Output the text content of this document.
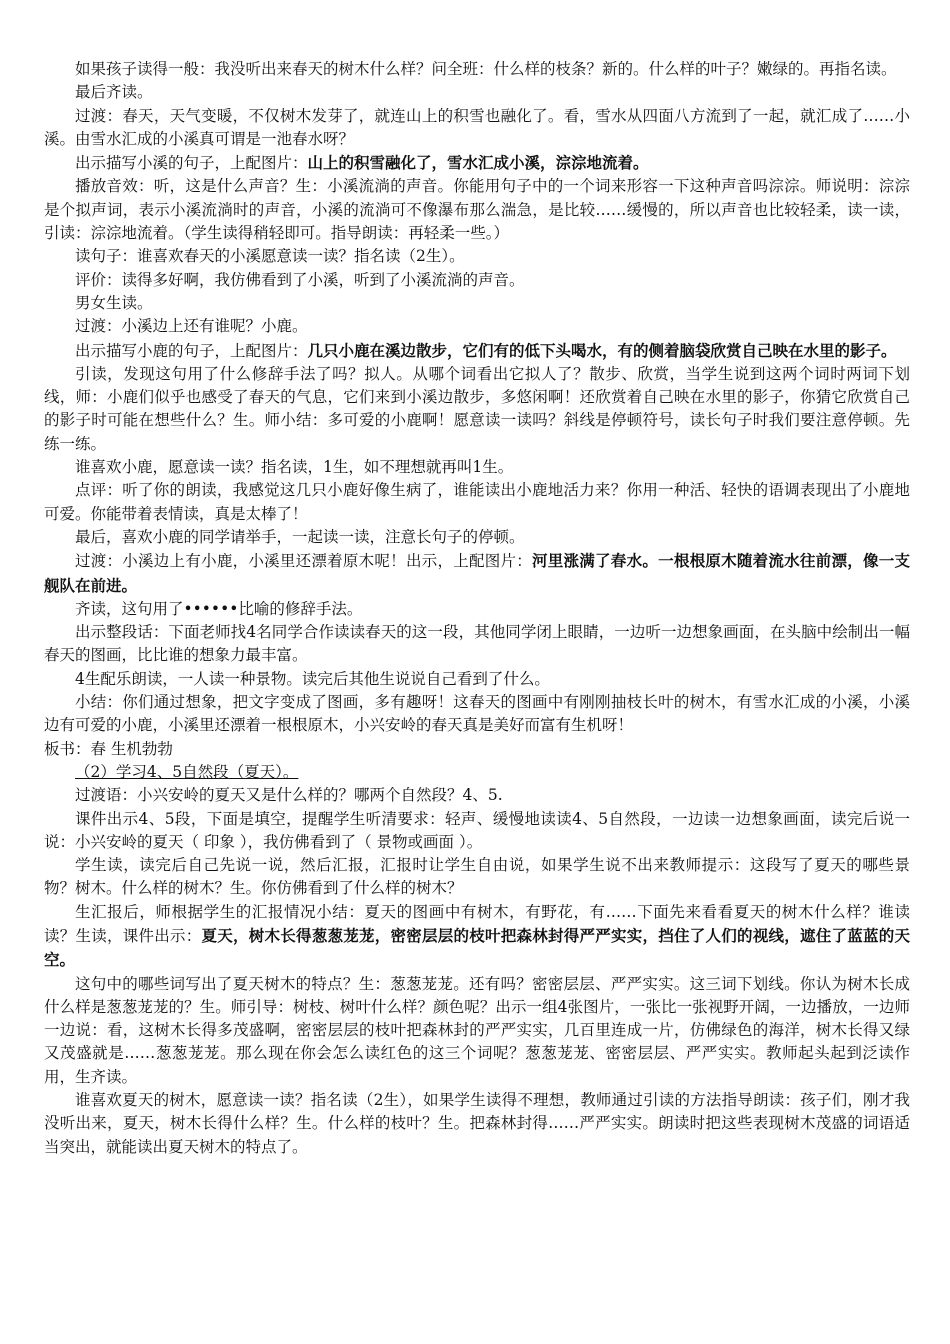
如果孩子读得一般：我没听出来春天的树木什么样？问全班：什么样的枝条？新的。什么样的叶子？嫩绿的。再指名读。

最后齐读。

过渡：春天，天气变暖，不仅树木发芽了，就连山上的积雪也融化了。看，雪水从四面八方流到了一起，就汇成了……小溪。由雪水汇成的小溪真可谓是一池春水呀？

出示描写小溪的句子，上配图片：山上的积雪融化了，雪水汇成小溪，淙淙地流着。

播放音效：听，这是什么声音？生：小溪流淌的声音。你能用句子中的一个词来形容一下这种声音吗淙淙。师说明：淙淙是个拟声词，表示小溪流淌时的声音，小溪的流淌可不像瀑布那么湍急，是比较……缓慢的，所以声音也比较轻柔，读一读，引读：淙淙地流着。（学生读得稍轻即可。指导朗读：再轻柔一些。）

读句子：谁喜欢春天的小溪愿意读一读？指名读（2生）。

评价：读得多好啊，我仿佛看到了小溪，听到了小溪流淌的声音。

男女生读。

过渡：小溪边上还有谁呢？小鹿。

出示描写小鹿的句子，上配图片：几只小鹿在溪边散步，它们有的低下头喝水，有的侧着脑袋欣赏自己映在水里的影子。

引读，发现这句用了什么修辞手法了吗？拟人。从哪个词看出它拟人了？散步、欣赏，当学生说到这两个词时两词下划线，师：小鹿们似乎也感受了春天的气息，它们来到小溪边散步，多悠闲啊！还欣赏着自己映在水里的影子，你猜它欣赏自己的影子时可能在想些什么？生。师小结：多可爱的小鹿啊！愿意读一读吗？斜线是停顿符号，读长句子时我们要注意停顿。先练一练。

谁喜欢小鹿，愿意读一读？指名读，1生，如不理想就再叫1生。

点评：听了你的朗读，我感觉这几只小鹿好像生病了，谁能读出小鹿地活力来？你用一种活、轻快的语调表现出了小鹿地可爱。你能带着表情读，真是太棒了！

最后，喜欢小鹿的同学请举手，一起读一读，注意长句子的停顿。

过渡：小溪边上有小鹿，小溪里还漂着原木呢！出示，上配图片：河里涨满了春水。一根根原木随着流水往前漂，像一支舰队在前进。

齐读，这句用了••••••比喻的修辞手法。

出示整段话：下面老师找4名同学合作读读春天的这一段，其他同学闭上眼睛，一边听一边想象画面，在头脑中绘制出一幅春天的图画，比比谁的想象力最丰富。

4生配乐朗读，一人读一种景物。读完后其他生说说自己看到了什么。

小结：你们通过想象，把文字变成了图画，多有趣呀！这春天的图画中有刚刚抽枝长叶的树木，有雪水汇成的小溪，小溪边有可爱的小鹿，小溪里还漂着一根根原木，小兴安岭的春天真是美好而富有生机呀！

板书：春 生机勃勃

（2）学习4、5自然段（夏天）。

过渡语：小兴安岭的夏天又是什么样的？哪两个自然段？4、5.

课件出示4、5段，下面是填空，提醒学生听清要求：轻声、缓慢地读读4、5自然段，一边读一边想象画面，读完后说一说：小兴安岭的夏天（ 印象 ），我仿佛看到了（ 景物或画面 ）。

学生读，读完后自己先说一说，然后汇报，汇报时让学生自由说，如果学生说不出来教师提示：这段写了夏天的哪些景物？树木。什么样的树木？生。你仿佛看到了什么样的树木？

生汇报后，师根据学生的汇报情况小结：夏天的图画中有树木，有野花，有……下面先来看看夏天的树木什么样？谁读读？生读，课件出示：夏天，树木长得葱葱茏茏，密密层层的枝叶把森林封得严严实实，挡住了人们的视线，遮住了蓝蓝的天空。

这句中的哪些词写出了夏天树木的特点？生：葱葱茏茏。还有吗？密密层层、严严实实。这三词下划线。你认为树木长成什么样是葱葱茏茏的？生。师引导：树枝、树叶什么样？颜色呢？出示一组4张图片，一张比一张视野开阔，一边播放，一边师一边说：看，这树木长得多茂盛啊，密密层层的枝叶把森林封的严严实实，几百里连成一片，仿佛绿色的海洋，树木长得又绿又茂盛就是……葱葱茏茏。那么现在你会怎么读红色的这三个词呢？葱葱茏茏、密密层层、严严实实。教师起头起到泛读作用，生齐读。

谁喜欢夏天的树木，愿意读一读？指名读（2生），如果学生读得不理想，教师通过引读的方法指导朗读：孩子们，刚才我没听出来，夏天，树木长得什么样？生。什么样的枝叶？生。把森林封得……严严实实。朗读时把这些表现树木茂盛的词语适当突出，就能读出夏天树木的特点了。
